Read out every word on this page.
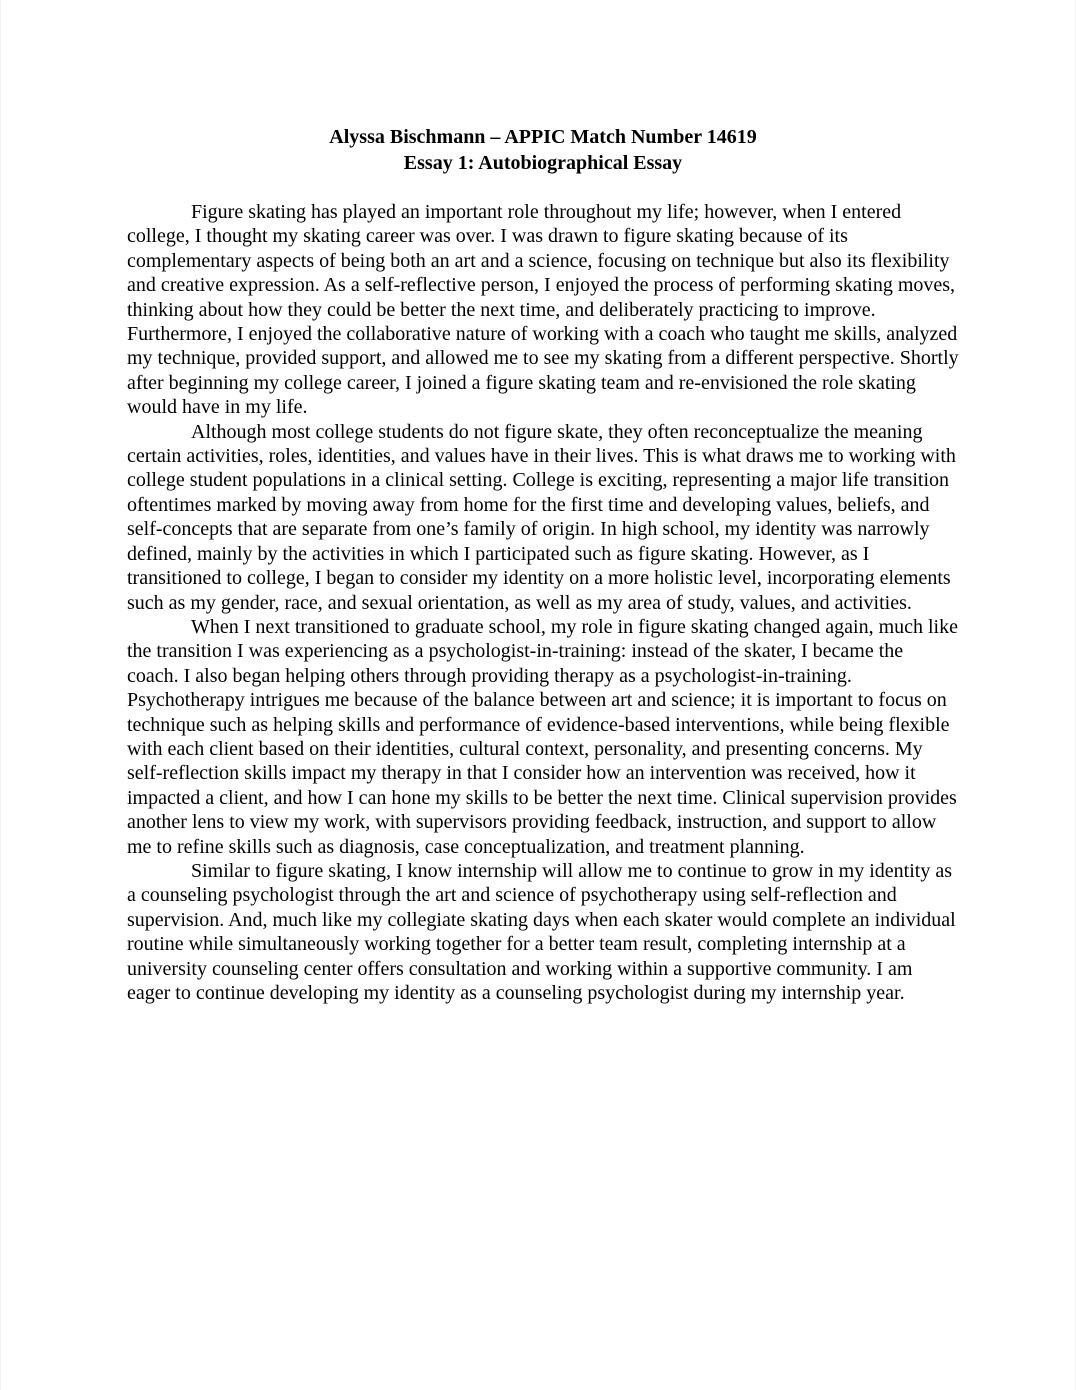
Alyssa Bischmann – APPIC Match Number 14619
Essay 1: Autobiographical Essay

Figure skating has played an important role throughout my life; however, when I entered college, I thought my skating career was over. I was drawn to figure skating because of its complementary aspects of being both an art and a science, focusing on technique but also its flexibility and creative expression. As a self-reflective person, I enjoyed the process of performing skating moves, thinking about how they could be better the next time, and deliberately practicing to improve. Furthermore, I enjoyed the collaborative nature of working with a coach who taught me skills, analyzed my technique, provided support, and allowed me to see my skating from a different perspective. Shortly after beginning my college career, I joined a figure skating team and re-envisioned the role skating would have in my life.

Although most college students do not figure skate, they often reconceptualize the meaning certain activities, roles, identities, and values have in their lives. This is what draws me to working with college student populations in a clinical setting. College is exciting, representing a major life transition oftentimes marked by moving away from home for the first time and developing values, beliefs, and self-concepts that are separate from one’s family of origin. In high school, my identity was narrowly defined, mainly by the activities in which I participated such as figure skating. However, as I transitioned to college, I began to consider my identity on a more holistic level, incorporating elements such as my gender, race, and sexual orientation, as well as my area of study, values, and activities.

When I next transitioned to graduate school, my role in figure skating changed again, much like the transition I was experiencing as a psychologist-in-training: instead of the skater, I became the coach. I also began helping others through providing therapy as a psychologist-in-training. Psychotherapy intrigues me because of the balance between art and science; it is important to focus on technique such as helping skills and performance of evidence-based interventions, while being flexible with each client based on their identities, cultural context, personality, and presenting concerns. My self-reflection skills impact my therapy in that I consider how an intervention was received, how it impacted a client, and how I can hone my skills to be better the next time. Clinical supervision provides another lens to view my work, with supervisors providing feedback, instruction, and support to allow me to refine skills such as diagnosis, case conceptualization, and treatment planning.

Similar to figure skating, I know internship will allow me to continue to grow in my identity as a counseling psychologist through the art and science of psychotherapy using self-reflection and supervision. And, much like my collegiate skating days when each skater would complete an individual routine while simultaneously working together for a better team result, completing internship at a university counseling center offers consultation and working within a supportive community. I am eager to continue developing my identity as a counseling psychologist during my internship year.
